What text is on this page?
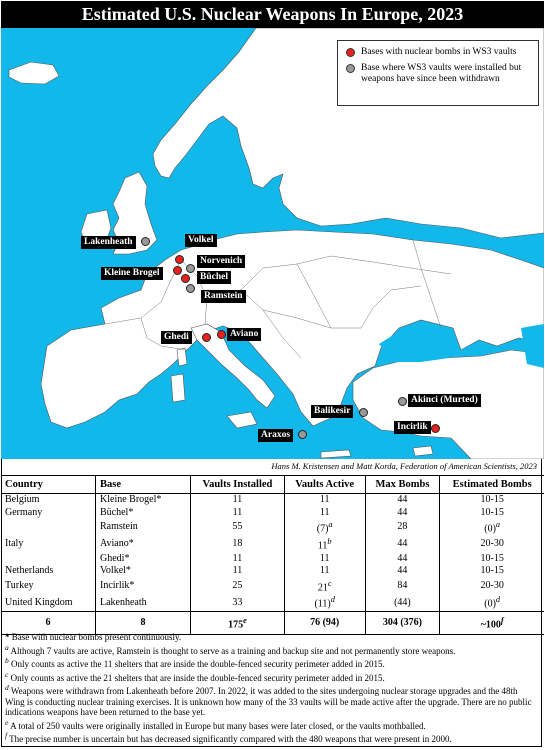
Estimated U.S. Nuclear Weapons In Europe, 2023
Bases with nuclear bombs in WS3 vaults
Base where WS3 vaults were installed but weapons have since been withdrawn
Lakenheath	Volkel
Norvenich
Kleine Brogel	Büchel
Ramstein
Ghedi	Aviano
Akinci (Murted)
Balikesir
Araxos
Incirlik
Hans M. Kristensen and Matt Korda, Federation of American Scientists, 2023
Country	Base	Vaults Installed	Vaults Active	Max Bombs	Estimated Bombs
Belgium	Kleine Brogel*	11	11	44	10-15
Germany	Büchel*	11	11	44	10-15
	Ramstein	55	$(7)^a$	28	$(0)^a$
Italy	Aviano*	18	11$^b$	44	20-30
	Ghedi*	11	11	44	10-15
Netherlands	Volkel*	11	11	44	10-15
Turkey	Incirlik*	25	21$^c$	84	20-30
United Kingdom	Lakenheath	33	$(11)^d$	(44)	$(0)^d$
6	8	175e	76 (94)	304 (376)	~100$^f$

* Base with nuclear bombs present continuously.

$^a$ Although 7 vaults are active, Ramstein is thought to serve as a training and backup site and not permanently store weapons.

$^b$ Only counts as active the 11 shelters that are inside the double-fenced security perimeter added in 2015.

$^c$ Only counts as active the 21 shelters that are inside the double-fenced security perimeter added in 2015.

$^d$ Weapons were withdrawn from Lakenheath before 2007. In 2022, it was added to the sites undergoing nuclear storage upgrades and the 48th Wing is conducting nuclear training exercises. It is unknown how many of the 33 vaults will be made active after the upgrade. There are no public indications weapons have been returned to the base yet.

$^e$ A total of 250 vaults were originally installed in Europe but many bases were later closed, or the vaults mothballed.

$^f$ The precise number is uncertain but has decreased significantly compared with the 480 weapons that were present in 2000.
